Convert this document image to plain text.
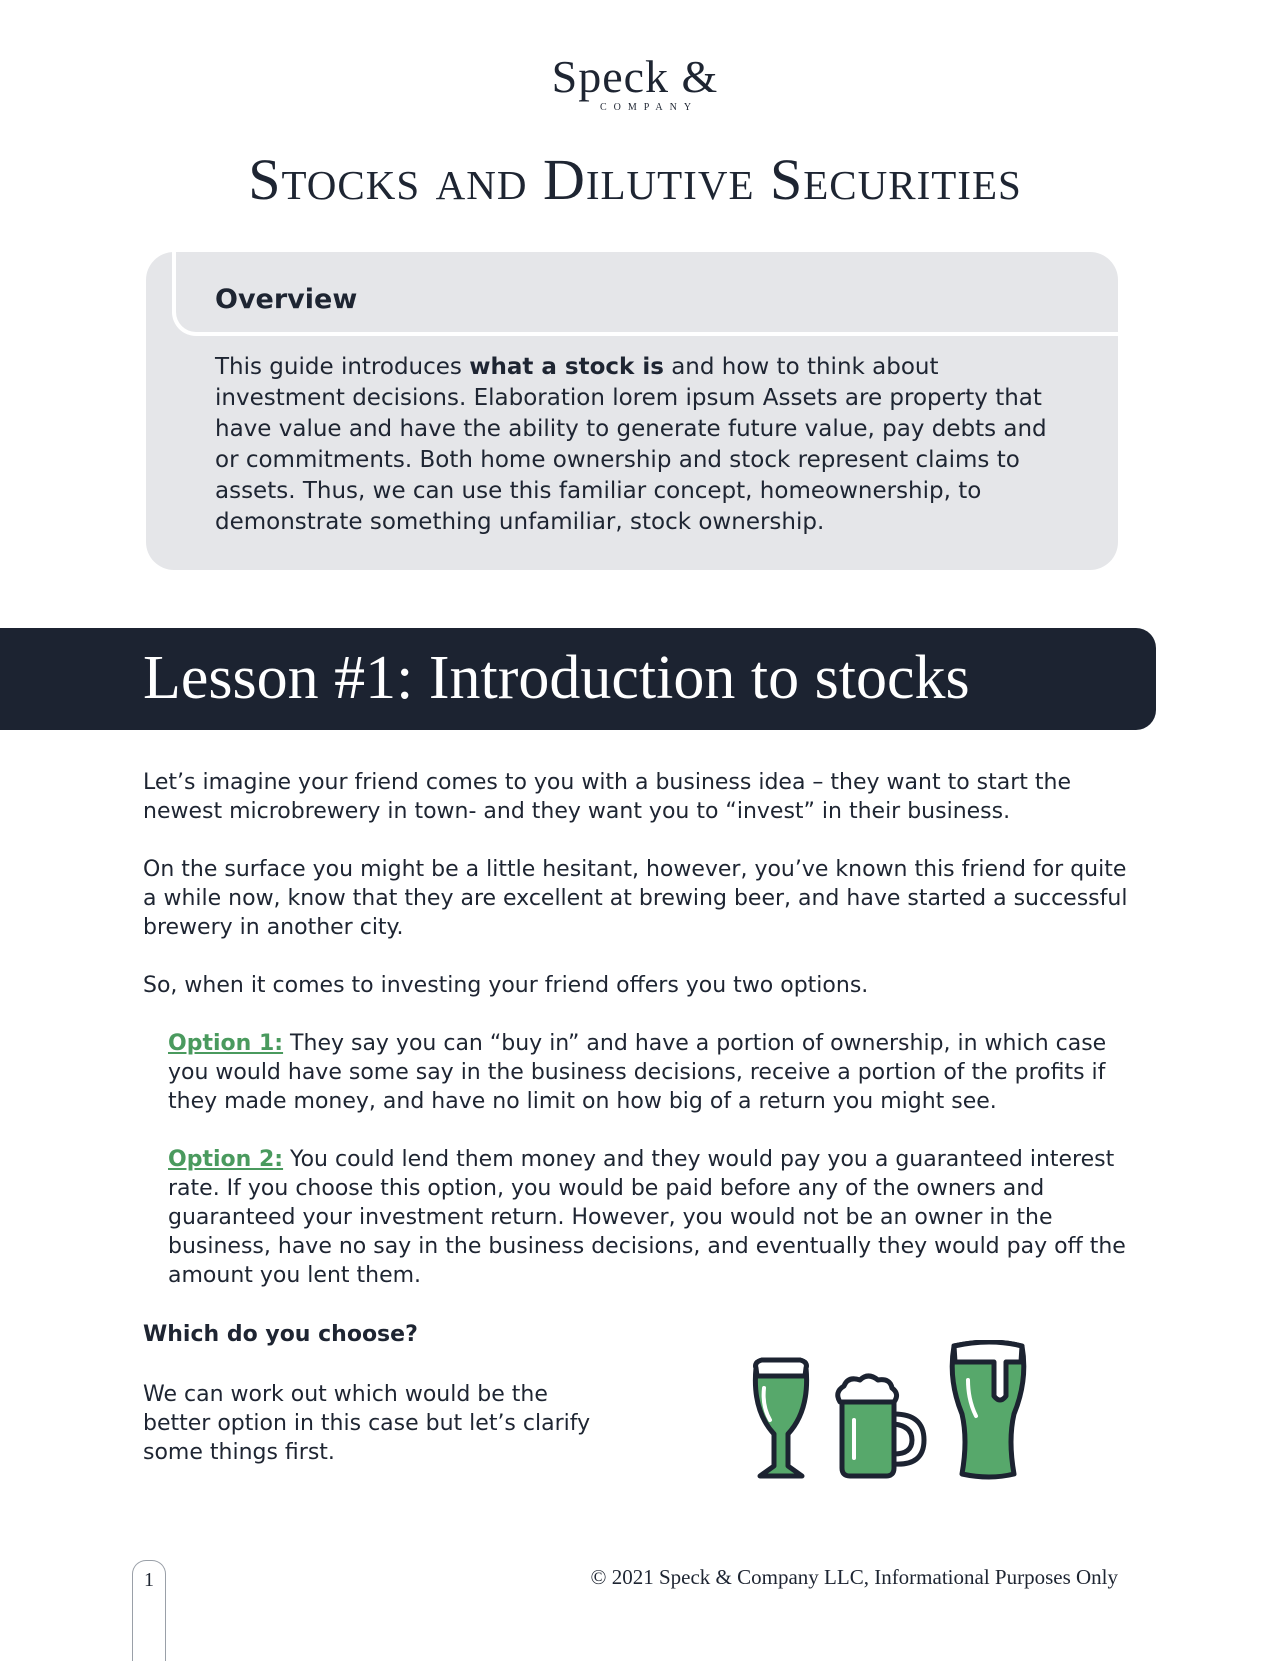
Speck &
COMPANY
Stocks and Dilutive Securities
Overview

This guide introduces what a stock is and how to think about investment decisions. Elaboration lorem ipsum Assets are property that have value and have the ability to generate future value, pay debts and or commitments. Both home ownership and stock represent claims to assets. Thus, we can use this familiar concept, homeownership, to demonstrate something unfamiliar, stock ownership.

Lesson #1: Introduction to stocks

Let’s imagine your friend comes to you with a business idea – they want to start the newest microbrewery in town- and they want you to “invest” in their business.

On the surface you might be a little hesitant, however, you’ve known this friend for quite a while now, know that they are excellent at brewing beer, and have started a successful brewery in another city.

So, when it comes to investing your friend offers you two options.

Option 1: They say you can “buy in” and have a portion of ownership, in which case you would have some say in the business decisions, receive a portion of the profits if they made money, and have no limit on how big of a return you might see.

Option 2: You could lend them money and they would pay you a guaranteed interest rate. If you choose this option, you would be paid before any of the owners and guaranteed your investment return. However, you would not be an owner in the business, have no say in the business decisions, and eventually they would pay off the amount you lent them.

Which do you choose?

We can work out which would be the better option in this case but let’s clarify some things first.

1	© 2021 Speck & Company LLC, Informational Purposes Only
